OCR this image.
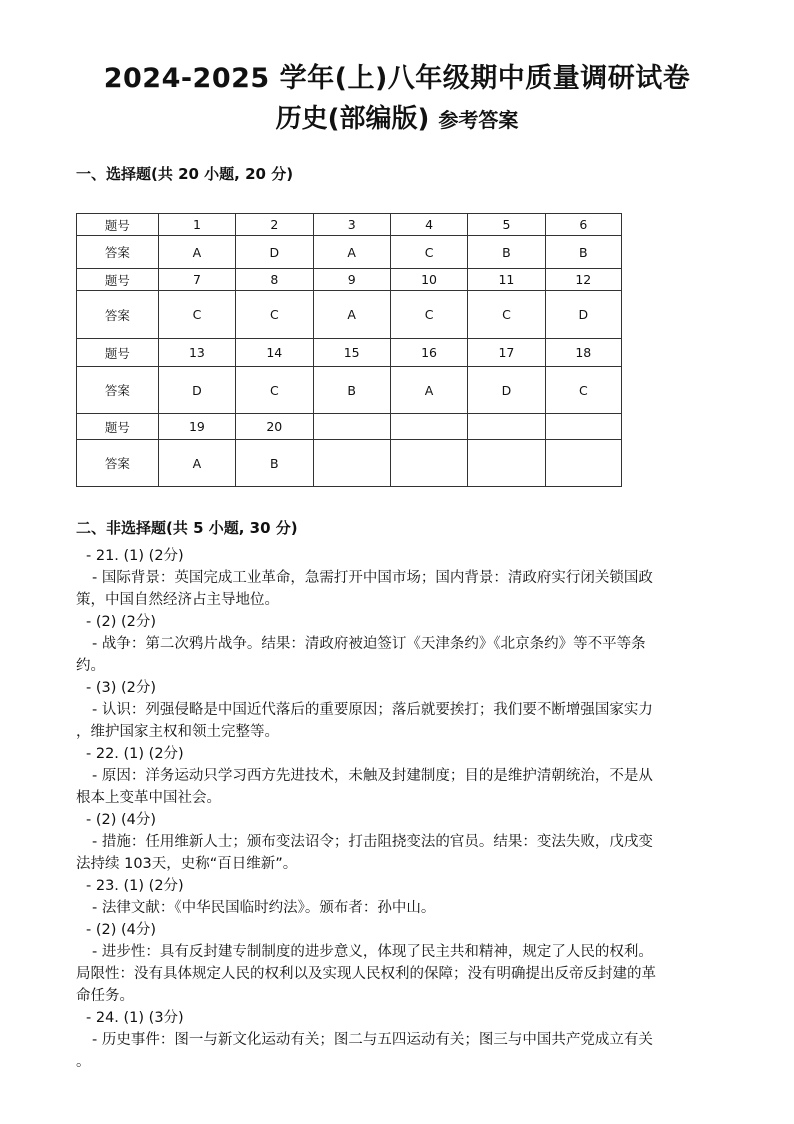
2024-2025 学年(上)八年级期中质量调研试卷
历史(部编版) 参考答案
一、选择题(共 20 小题, 20 分)
题号	1	2	3	4	5	6
答案	A	D	A	C	B	B
题号	7	8	9	10	11	12
答案	C	C	A	C	C	D
题号	13	14	15	16	17	18
答案	D	C	B	A	D	C
题号	19	20				
答案	A	B				
二、非选择题(共 5 小题, 30 分)
- 21. (1) (2分)
- 国际背景：英国完成工业革命，急需打开中国市场；国内背景：清政府实行闭关锁国政
策，中国自然经济占主导地位。
- (2) (2分)
- 战争：第二次鸦片战争。结果：清政府被迫签订《天津条约》《北京条约》等不平等条
约。
- (3) (2分)
- 认识：列强侵略是中国近代落后的重要原因；落后就要挨打；我们要不断增强国家实力
，维护国家主权和领土完整等。
- 22. (1) (2分)
- 原因：洋务运动只学习西方先进技术，未触及封建制度；目的是维护清朝统治，不是从
根本上变革中国社会。
- (2) (4分)
- 措施：任用维新人士；颁布变法诏令；打击阻挠变法的官员。结果：变法失败，戊戌变
法持续 103天，史称“百日维新”。
- 23. (1) (2分)
- 法律文献：《中华民国临时约法》。颁布者：孙中山。
- (2) (4分)
- 进步性：具有反封建专制制度的进步意义，体现了民主共和精神，规定了人民的权利。
局限性：没有具体规定人民的权利以及实现人民权利的保障；没有明确提出反帝反封建的革
命任务。
- 24. (1) (3分)
- 历史事件：图一与新文化运动有关；图二与五四运动有关；图三与中国共产党成立有关
。
